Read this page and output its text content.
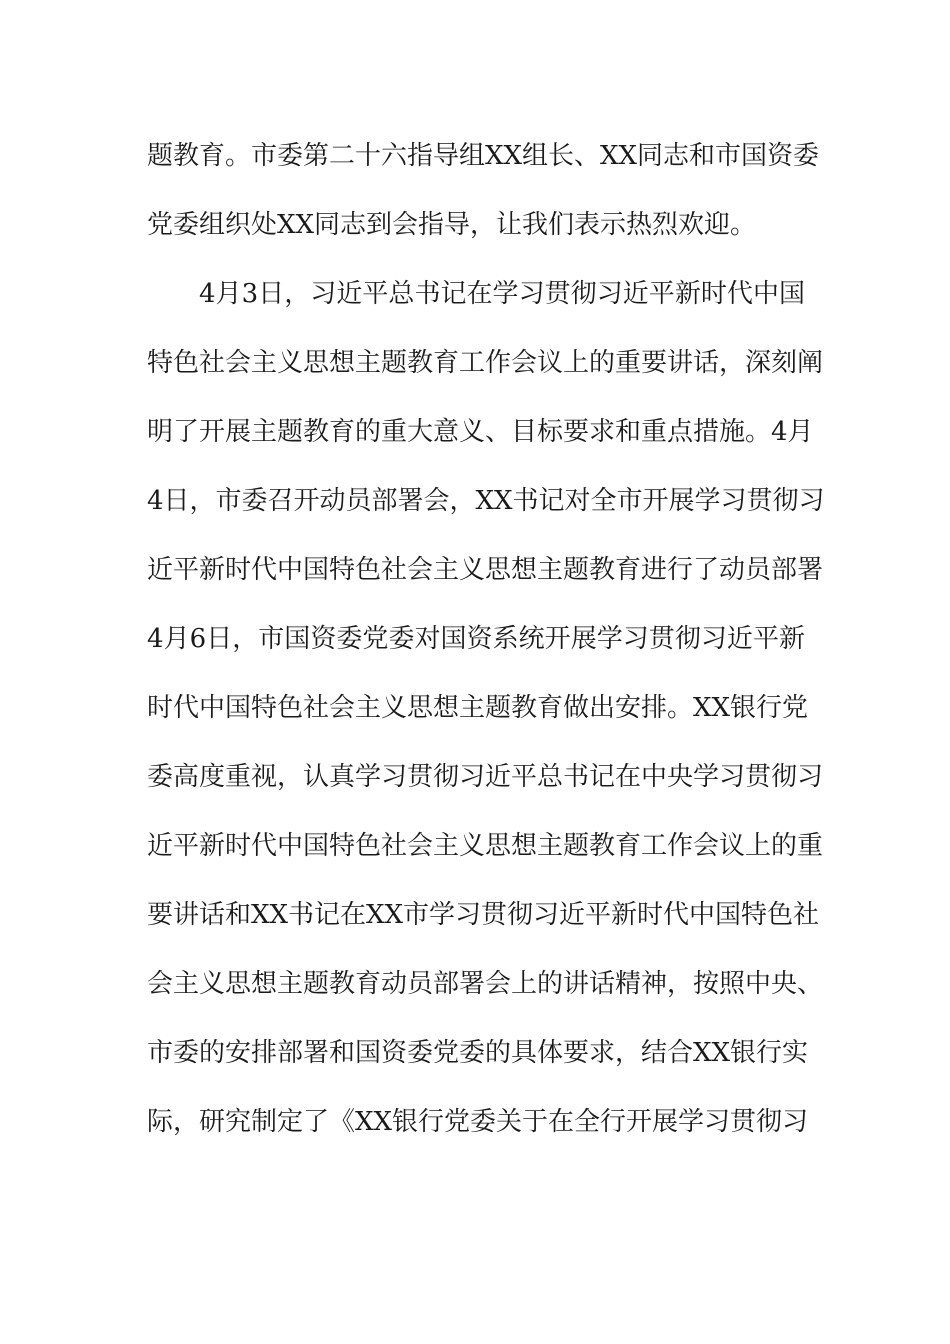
题教育。市委第二十六指导组XX组长、XX同志和市国资委
党委组织处XX同志到会指导，让我们表示热烈欢迎。
4月3日，习近平总书记在学习贯彻习近平新时代中国
特色社会主义思想主题教育工作会议上的重要讲话，深刻阐
明了开展主题教育的重大意义、目标要求和重点措施。4月
4日，市委召开动员部署会，XX书记对全市开展学习贯彻习
近平新时代中国特色社会主义思想主题教育进行了动员部署
4月6日，市国资委党委对国资系统开展学习贯彻习近平新
时代中国特色社会主义思想主题教育做出安排。XX银行党
委高度重视，认真学习贯彻习近平总书记在中央学习贯彻习
近平新时代中国特色社会主义思想主题教育工作会议上的重
要讲话和XX书记在XX市学习贯彻习近平新时代中国特色社
会主义思想主题教育动员部署会上的讲话精神，按照中央、
市委的安排部署和国资委党委的具体要求，结合XX银行实
际，研究制定了《XX银行党委关于在全行开展学习贯彻习
